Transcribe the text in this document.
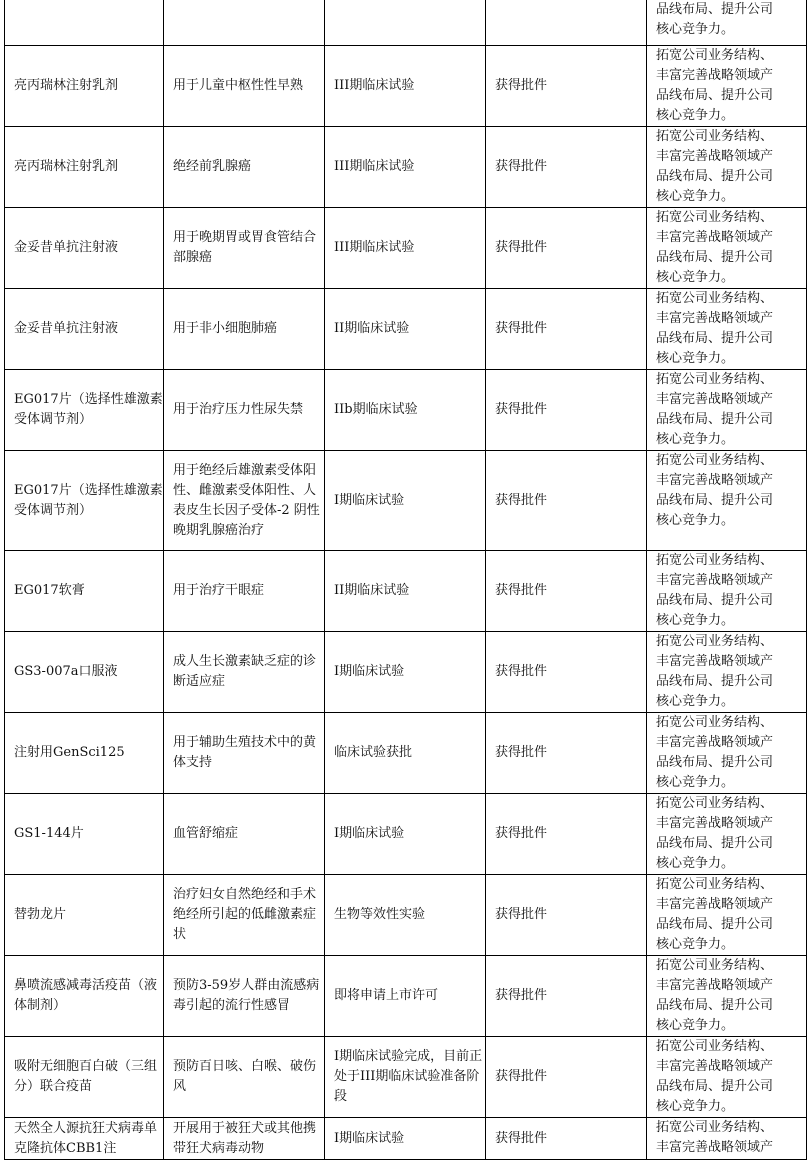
				品线布局、提升公司
核心竞争力。

亮丙瑞林注射乳剂	用于儿童中枢性性早熟	III期临床试验	获得批件	拓宽公司业务结构、
丰富完善战略领域产
品线布局、提升公司
核心竞争力。

亮丙瑞林注射乳剂	绝经前乳腺癌	III期临床试验	获得批件	拓宽公司业务结构、
丰富完善战略领域产
品线布局、提升公司
核心竞争力。

金妥昔单抗注射液	用于晚期胃或胃食管结合部腺癌	III期临床试验	获得批件	拓宽公司业务结构、
丰富完善战略领域产
品线布局、提升公司
核心竞争力。

金妥昔单抗注射液	用于非小细胞肺癌	II期临床试验	获得批件	拓宽公司业务结构、
丰富完善战略领域产
品线布局、提升公司
核心竞争力。

EG017片（选择性雄激素受体调节剂）	用于治疗压力性尿失禁	IIb期临床试验	获得批件	拓宽公司业务结构、
丰富完善战略领域产
品线布局、提升公司
核心竞争力。

EG017片（选择性雄激素受体调节剂）	用于绝经后雄激素受体阳性、雌激素受体阳性、人表皮生长因子受体-2 阴性晚期乳腺癌治疗	I期临床试验	获得批件	拓宽公司业务结构、
丰富完善战略领域产
品线布局、提升公司
核心竞争力。

EG017软膏	用于治疗干眼症	II期临床试验	获得批件	拓宽公司业务结构、
丰富完善战略领域产
品线布局、提升公司
核心竞争力。

GS3-007a口服液	成人生长激素缺乏症的诊断适应症	I期临床试验	获得批件	拓宽公司业务结构、
丰富完善战略领域产
品线布局、提升公司
核心竞争力。

注射用GenSci125	用于辅助生殖技术中的黄体支持	临床试验获批	获得批件	拓宽公司业务结构、
丰富完善战略领域产
品线布局、提升公司
核心竞争力。

GS1-144片	血管舒缩症	I期临床试验	获得批件	拓宽公司业务结构、
丰富完善战略领域产
品线布局、提升公司
核心竞争力。

替勃龙片	治疗妇女自然绝经和手术绝经所引起的低雌激素症状	生物等效性实验	获得批件	拓宽公司业务结构、
丰富完善战略领域产
品线布局、提升公司
核心竞争力。

鼻喷流感减毒活疫苗（液体制剂）	预防3-59岁人群由流感病毒引起的流行性感冒	即将申请上市许可	获得批件	拓宽公司业务结构、
丰富完善战略领域产
品线布局、提升公司
核心竞争力。

吸附无细胞百白破（三组分）联合疫苗	预防百日咳、白喉、破伤风	I期临床试验完成，目前正处于III期临床试验准备阶段	获得批件	拓宽公司业务结构、
丰富完善战略领域产
品线布局、提升公司
核心竞争力。

天然全人源抗狂犬病毒单克隆抗体CBB1注	开展用于被狂犬或其他携带狂犬病毒动物	I期临床试验	获得批件	拓宽公司业务结构、
丰富完善战略领域产
